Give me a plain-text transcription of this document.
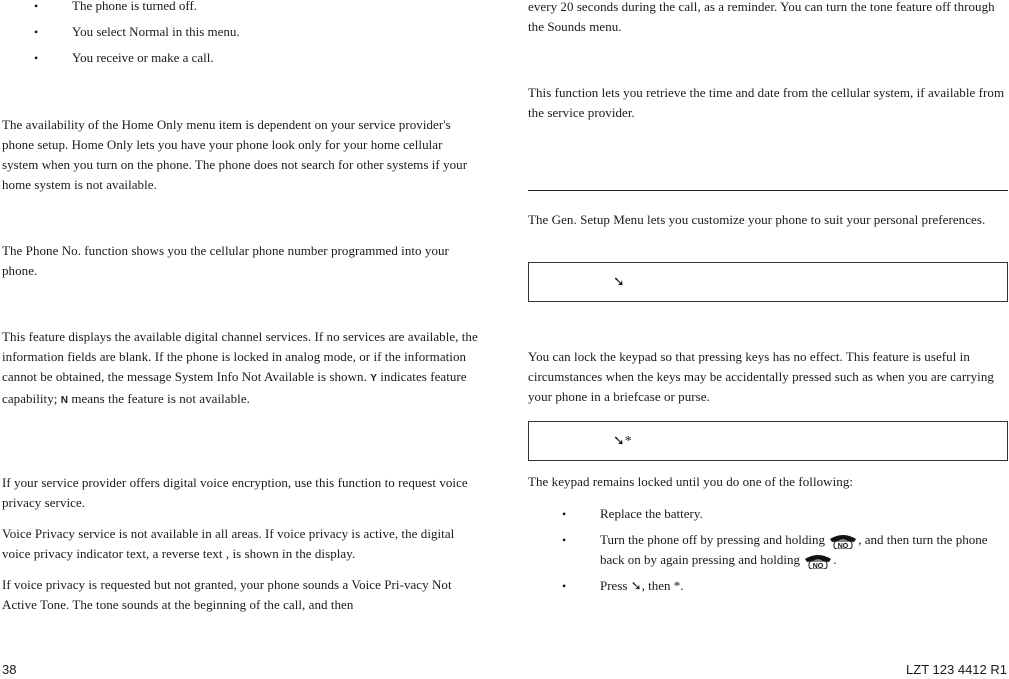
•	The phone is turned off.
•	You select Normal in this menu.
•	You receive or make a call.

The availability of the Home Only menu item is dependent on your service provider's phone setup. Home Only lets you have your phone look only for your home cellular system when you turn on the phone. The phone does not search for other systems if your home system is not available.

The Phone No. function shows you the cellular phone number programmed into your phone.

This feature displays the available digital channel services. If no services are available, the information fields are blank. If the phone is locked in analog mode, or if the information cannot be obtained, the message System Info Not Available is shown. Y indicates feature capability; N means the feature is not available.

If your service provider offers digital voice encryption, use this function to request voice privacy service.

Voice Privacy service is not available in all areas. If voice privacy is active, the digital voice privacy indicator text, a reverse text , is shown in the display.

If voice privacy is requested but not granted, your phone sounds a Voice Pri-vacy Not Active Tone. The tone sounds at the beginning of the call, and then

every 20 seconds during the call, as a reminder. You can turn the tone feature off through the Sounds menu.

This function lets you retrieve the time and date from the cellular system, if available from the service provider.

The Gen. Setup Menu lets you customize your phone to suit your personal preferences.

➘

You can lock the keypad so that pressing keys has no effect. This feature is useful in circumstances when the keys may be accidentally pressed such as when you are carrying your phone in a briefcase or purse.

➘*

The keypad remains locked until you do one of the following:

•	Replace the battery.
•	Turn the phone off by pressing and holding NO , and then turn the phone back on by again pressing and holding NO .
•	Press ➘, then *.
38	LZT 123 4412 R1
